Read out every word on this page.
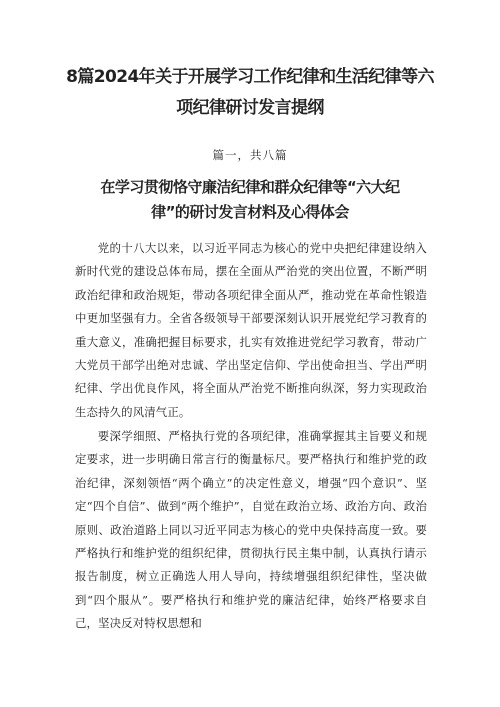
8篇2024年关于开展学习工作纪律和生活纪律等六项纪律研讨发言提纲
篇一，共八篇
在学习贯彻恪守廉洁纪律和群众纪律等“六大纪律”的研讨发言材料及心得体会

党的十八大以来，以习近平同志为核心的党中央把纪律建设纳入新时代党的建设总体布局，摆在全面从严治党的突出位置，不断严明政治纪律和政治规矩，带动各项纪律全面从严，推动党在革命性锻造中更加坚强有力。全省各级领导干部要深刻认识开展党纪学习教育的重大意义，准确把握目标要求，扎实有效推进党纪学习教育，带动广大党员干部学出绝对忠诚、学出坚定信仰、学出使命担当、学出严明纪律、学出优良作风，将全面从严治党不断推向纵深，努力实现政治生态持久的风清气正。

要深学细照、严格执行党的各项纪律，准确掌握其主旨要义和规定要求，进一步明确日常言行的衡量标尺。要严格执行和维护党的政治纪律，深刻领悟“两个确立”的决定性意义，增强“四个意识”、坚定“四个自信”、做到“两个维护”，自觉在政治立场、政治方向、政治原则、政治道路上同以习近平同志为核心的党中央保持高度一致。要严格执行和维护党的组织纪律，贯彻执行民主集中制，认真执行请示报告制度，树立正确选人用人导向，持续增强组织纪律性，坚决做到“四个服从”。要严格执行和维护党的廉洁纪律，始终严格要求自己，坚决反对特权思想和
